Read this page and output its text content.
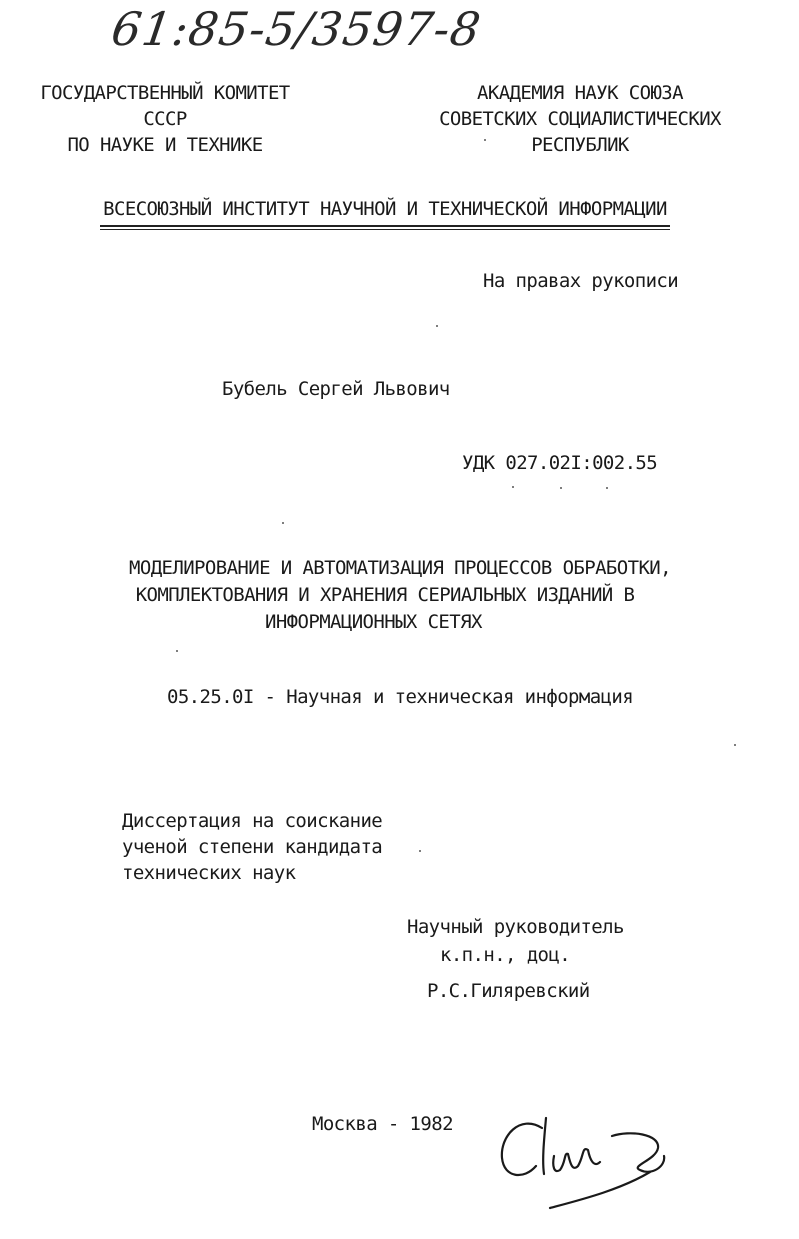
61:85-5/3597-8
ГОСУДАРСТВЕННЫЙ КОМИТЕТ
СССР
ПО НАУКЕ И ТЕХНИКЕ
АКАДЕМИЯ НАУК СОЮЗА
СОВЕТСКИХ СОЦИАЛИСТИЧЕСКИХ
РЕСПУБЛИК
ВСЕСОЮЗНЫЙ ИНСТИТУТ НАУЧНОЙ И ТЕХНИЧЕСКОЙ ИНФОРМАЦИИ
На правах рукописи
Бубель Сергей Львович
УДК 027.02I:002.55
МОДЕЛИРОВАНИЕ И АВТОМАТИЗАЦИЯ ПРОЦЕССОВ ОБРАБОТКИ,
КОМПЛЕКТОВАНИЯ И ХРАНЕНИЯ СЕРИАЛЬНЫХ ИЗДАНИЙ В
ИНФОРМАЦИОННЫХ СЕТЯХ
05.25.0I - Научная и техническая информация
Диссертация на соискание
ученой степени кандидата
технических наук
Научный руководитель
к.п.н., доц.
Р.С.Гиляревский
Москва - 1982
